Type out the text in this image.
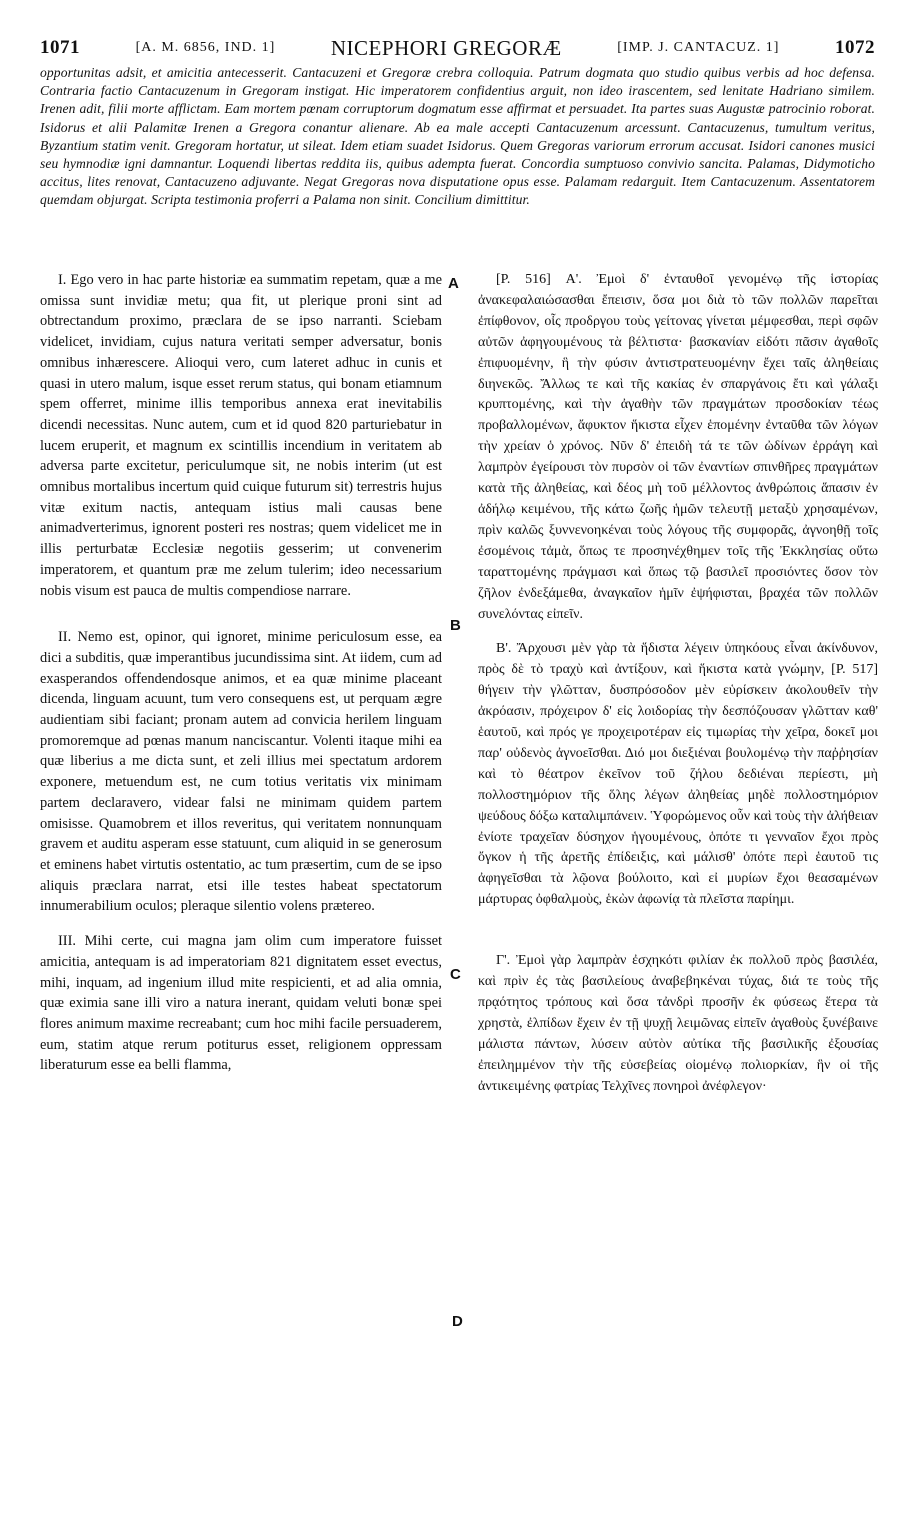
1071	[A. M. 6856, IND. 1]	NICEPHORI GREGORÆ	[IMP. J. CANTACUZ. 1]	1072
opportunitas adsit, et amicitia antecesserit. Cantacuzeni et Gregoræ crebra colloquia. Patrum dogmata quo studio quibus verbis ad hoc defensa. Contraria factio Cantacuzenum in Gregoram instigat. Hic imperatorem confidentius arguit, non ideo irascentem, sed lenitate Hadriano similem. Irenen adit, filii morte afflictam. Eam mortem pœnam corruptorum dogmatum esse affirmat et persuadet. Ita partes suas Augustæ patrocinio roborat. Isidorus et alii Palamitæ Irenen a Gregora conantur alienare. Ab ea male accepti Cantacuzenum arcessunt. Cantacuzenus, tumultum veritus, Byzantium statim venit. Gregoram hortatur, ut sileat. Idem etiam suadet Isidorus. Quem Gregoras variorum errorum accusat. Isidori canones musici seu hymnodiæ igni damnantur. Loquendi libertas reddita iis, quibus adempta fuerat. Concordia sumptuoso convivio sancita. Palamas, Didymoticho accitus, lites renovat, Cantacuzeno adjuvante. Negat Gregoras nova disputatione opus esse. Palamam redarguit. Item Cantacuzenum. Assentatorem quemdam objurgat. Scripta testimonia proferri a Palama non sinit. Concilium dimittitur.

I. Ego vero in hac parte historiæ ea summatim repetam, quæ a me omissa sunt invidiæ metu; qua fit, ut plerique proni sint ad obtrectandum proximo, præclara de se ipso narranti. Sciebam videlicet, invidiam, cujus natura veritati semper adversatur, bonis omnibus inhærescere. Alioqui vero, cum lateret adhuc in cunis et quasi in utero malum, isque esset rerum status, qui bonam etiamnum spem offerret, minime illis temporibus annexa erat inevitabilis dicendi necessitas. Nunc autem, cum et id quod 820 parturiebatur in lucem eruperit, et magnum ex scintillis incendium in veritatem ab adversa parte excitetur, periculumque sit, ne nobis interim (ut est omnibus mortalibus incertum quid cuique futurum sit) terrestris hujus vitæ exitum nactis, antequam istius mali causas bene animadverterimus, ignorent posteri res nostras; quem videlicet me in illis perturbatæ Ecclesiæ negotiis gesserim; ut convenerim imperatorem, et quantum præ me zelum tulerim; ideo necessarium nobis visum est pauca de multis compendiose narrare.

II. Nemo est, opinor, qui ignoret, minime periculosum esse, ea dici a subditis, quæ imperantibus jucundissima sint. At iidem, cum ad exasperandos offendendosque animos, et ea quæ minime placeant dicenda, linguam acuunt, tum vero consequens est, ut perquam ægre audientiam sibi faciant; pronam autem ad convicia herilem linguam promoremque ad pœnas manum nanciscantur. Volenti itaque mihi ea quæ liberius a me dicta sunt, et zeli illius mei spectatum ardorem exponere, metuendum est, ne cum totius veritatis vix minimam partem declaravero, videar falsi ne minimam quidem partem omisisse. Quamobrem et illos reveritus, qui veritatem nonnunquam gravem et auditu asperam esse statuunt, cum aliquid in se generosum et eminens habet virtutis ostentatio, ac tum præsertim, cum de se ipso aliquis præclara narrat, etsi ille testes habeat spectatorum innumerabilium oculos; pleraque silentio volens prætereo.

III. Mihi certe, cui magna jam olim cum imperatore fuisset amicitia, antequam is ad imperatoriam 821 dignitatem esset evectus, mihi, inquam, ad ingenium illud mite respicienti, et ad alia omnia, quæ eximia sane illi viro a natura inerant, quidam veluti bonæ spei flores animum maxime recreabant; cum hoc mihi facile persuaderem, eum, statim atque rerum potiturus esset, religionem oppressam liberaturum esse ea belli flamma,

A
B
C
D

[P. 516] Α'. Ἐμοὶ δ' ἐνταυθοῖ γενομένῳ τῆς ἱστορίας ἀνακεφαλαιώσασθαι ἔπεισιν, ὅσα μοι διὰ τὸ τῶν πολλῶν παρεῖται ἐπίφθονον, οἷς προδργου τοὺς γείτονας γίνεται μέμφεσθαι, περὶ σφῶν αὐτῶν ἀφηγουμένους τὰ βέλτιστα· βασκανίαν εἰδότι πᾶσιν ἀγαθοῖς ἐπιφυομένην, ἣ τὴν φύσιν ἀντιστρατευομένην ἔχει ταῖς ἀληθείαις διηνεκῶς. Ἄλλως τε καὶ τῆς κακίας ἐν σπαργάνοις ἔτι καὶ γάλαξι κρυπτομένης, καὶ τὴν ἀγαθὴν τῶν πραγμάτων προσδοκίαν τέως προβαλλομένων, ἄφυκτον ἥκιστα εἶχεν ἑπομένην ἐνταῦθα τῶν λόγων τὴν χρείαν ὁ χρόνος. Νῦν δ' ἐπειδὴ τά τε τῶν ὠδίνων ἐρράγη καὶ λαμπρὸν ἐγείρουσι τὸν πυρσὸν οἱ τῶν ἐναντίων σπινθῆρες πραγμάτων κατὰ τῆς ἀληθείας, καὶ δέος μὴ τοῦ μέλλοντος ἀνθρώποις ἅπασιν ἐν ἀδήλῳ κειμένου, τῆς κάτω ζωῆς ἡμῶν τελευτῇ μεταξὺ χρησαμένων, πρὶν καλῶς ξυννενοηκέναι τοὺς λόγους τῆς συμφορᾶς, ἀγνοηθῇ τοῖς ἐσομένοις τἀμὰ, ὅπως τε προσηνέχθημεν τοῖς τῆς Ἐκκλησίας οὕτω ταραττομένης πράγμασι καὶ ὅπως τῷ βασιλεῖ προσιόντες ὅσον τὸν ζῆλον ἐνδεξάμεθα, ἀναγκαῖον ἡμῖν ἐψήφισται, βραχέα τῶν πολλῶν συνελόντας εἰπεῖν.

Β'. Ἄρχουσι μὲν γὰρ τὰ ἥδιστα λέγειν ὑπηκόους εἶναι ἀκίνδυνον, πρὸς δὲ τὸ τραχὺ καὶ ἀντίξουν, καὶ ἥκιστα κατὰ γνώμην, [P. 517] θήγειν τὴν γλῶτταν, δυσπρόσοδον μὲν εὑρίσκειν ἀκολουθεῖν τὴν ἀκρόασιν, πρόχειρον δ' εἰς λοιδορίας τὴν δεσπόζουσαν γλῶτταν καθ' ἑαυτοῦ, καὶ πρός γε προχειροτέραν εἰς τιμωρίας τὴν χεῖρα, δοκεῖ μοι παρ' οὐδενὸς ἀγνοεῖσθαι. Διό μοι διεξιέναι βουλομένῳ τὴν παῤῥησίαν καὶ τὸ θέατρον ἐκεῖνον τοῦ ζήλου δεδιέναι περίεστι, μὴ πολλοστημόριον τῆς ὅλης λέγων ἀληθείας μηδὲ πολλοστημόριον ψεύδους δόξω καταλιμπάνειν. Ὑφορώμενος οὖν καὶ τοὺς τὴν ἀλήθειαν ἐνίοτε τραχεῖαν δύσηχον ἡγουμένους, ὁπότε τι γενναῖον ἔχοι πρὸς ὄγκον ἡ τῆς ἀρετῆς ἐπίδειξις, καὶ μάλισθ' ὁπότε περὶ ἑαυτοῦ τις ἀφηγεῖσθαι τὰ λῷονα βούλοιτο, καὶ εἰ μυρίων ἔχοι θεασαμένων μάρτυρας ὀφθαλμοὺς, ἑκὼν ἀφωνίᾳ τὰ πλεῖστα παρίημι.

Γ'. Ἐμοὶ γὰρ λαμπρὰν ἐσχηκότι φιλίαν ἐκ πολλοῦ πρὸς βασιλέα, καὶ πρὶν ἐς τὰς βασιλείους ἀναβεβηκέναι τύχας, διά τε τοὺς τῆς πρᾳότητος τρόπους καὶ ὅσα τἀνδρὶ προσῆν ἐκ φύσεως ἕτερα τὰ χρηστὰ, ἐλπίδων ἔχειν ἐν τῇ ψυχῇ λειμῶνας εἰπεῖν ἀγαθοὺς ξυνέβαινε μάλιστα πάντων, λύσειν αὐτὸν αὐτίκα τῆς βασιλικῆς ἐξουσίας ἐπειλημμένον τὴν τῆς εὐσεβείας οἰομένῳ πολιορκίαν, ἣν οἱ τῆς ἀντικειμένης φατρίας Τελχῖνες πονηροὶ ἀνέφλεγον·
